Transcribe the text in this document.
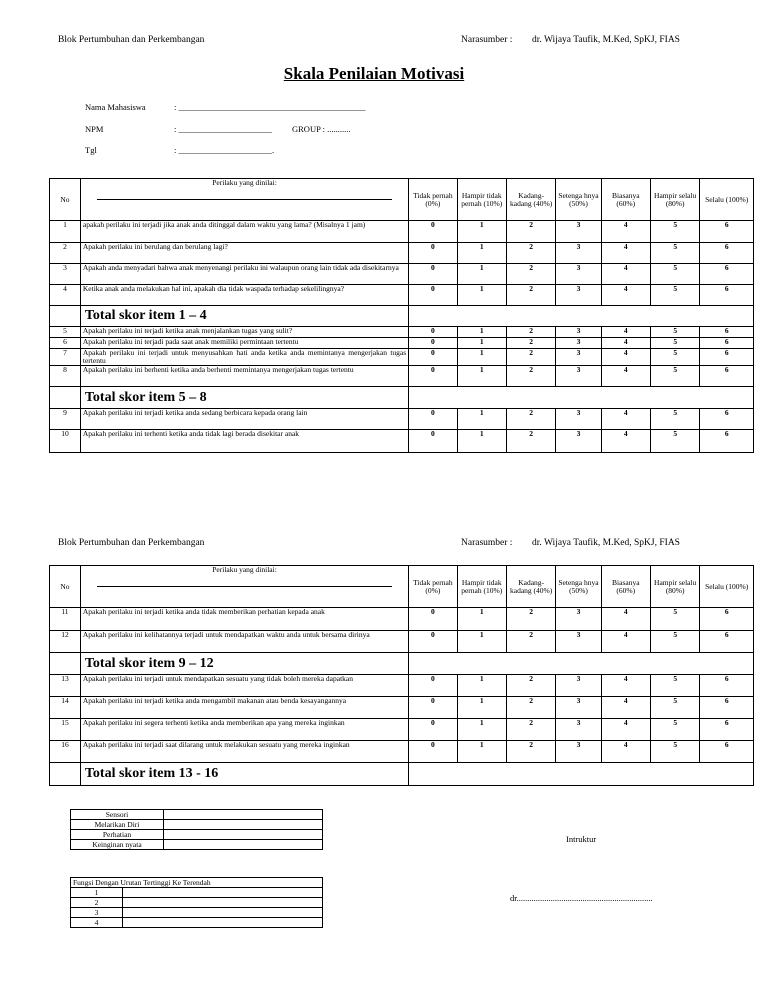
Blok Pertumbuhan dan Perkembangan	Narasumber : dr. Wijaya Taufik, M.Ked, SpKJ, FIAS
Skala Penilaian Motivasi
Nama Mahasiswa	: ____________________________________________
NPM	: ______________________ GROUP : ...........
Tgl	: ______________________.
No	Perilaku yang dinilai:	Tidak pernah (0%)	Hampir tidak pernah (10%)	Kadang-kadang (40%)	Setenga hnya (50%)	Biasanya (60%)	Hampir selalu (80%)	Selalu (100%)
1	apakah perilaku ini terjadi jika anak anda ditinggal dalam waktu yang lama? (Misalnya 1 jam)	0	1	2	3	4	5	6
2	Apakah perilaku ini berulang dan berulang lagi?	0	1	2	3	4	5	6
3	Apakah anda menyadari bahwa anak menyenangi perilaku ini walaupun orang lain tidak ada disekitarnya	0	1	2	3	4	5	6
4	Ketika anak anda melakukan hal ini, apakah dia tidak waspada terhadap sekelilingnya?	0	1	2	3	4	5	6
	Total skor item 1 – 4							
5	Apakah perilaku ini terjadi ketika anak menjalankan tugas yang sulit?	0	1	2	3	4	5	6
6	Apakah perilaku ini terjadi pada saat anak memiliki permintaan tertentu	0	1	2	3	4	5	6
7	Apakah perilaku ini terjadi untuk menyusahkan hati anda ketika anda memintanya mengerjakan tugas tertentu	0	1	2	3	4	5	6
8	Apakah perilaku ini berhenti ketika anda berhenti memintanya mengerjakan tugas tertentu	0	1	2	3	4	5	6
	Total skor item 5 – 8							
9	Apakah perilaku ini terjadi ketika anda sedang berbicara kepada orang lain	0	1	2	3	4	5	6
10	Apakah perilaku ini terhenti ketika anda tidak lagi berada disekitar anak	0	1	2	3	4	5	6
Blok Pertumbuhan dan Perkembangan	Narasumber : dr. Wijaya Taufik, M.Ked, SpKJ, FIAS
No	Perilaku yang dinilai:	Tidak pernah (0%)	Hampir tidak pernah (10%)	Kadang-kadang (40%)	Setenga hnya (50%)	Biasanya (60%)	Hampir selalu (80%)	Selalu (100%)
11	Apakah perilaku ini terjadi ketika anda tidak memberikan perhatian kepada anak	0	1	2	3	4	5	6
12	Apakah perilaku ini kelihatannya terjadi untuk mendapatkan waktu anda untuk bersama dirinya	0	1	2	3	4	5	6
	Total skor item 9 – 12							
13	Apakah perilaku ini terjadi untuk mendapatkan sesuatu yang tidak boleh mereka dapatkan	0	1	2	3	4	5	6
14	Apakah perilaku ini terjadi ketika anda mengambil makanan atau benda kesayangannya	0	1	2	3	4	5	6
15	Apakah perilaku ini segera terhenti ketika anda memberikan apa yang mereka inginkan	0	1	2	3	4	5	6
16	Apakah perilaku ini terjadi saat dilarang untuk melakukan sesuatu yang mereka inginkan	0	1	2	3	4	5	6
	Total skor item 13 - 16							
Sensori	
Melarikan Diri	
Perhatian	
Keinginan nyata	
Fungsi Dengan Urutan Tertinggi Ke Terendah	
1	
2	
3	
4	
Intruktur
dr................................................................
